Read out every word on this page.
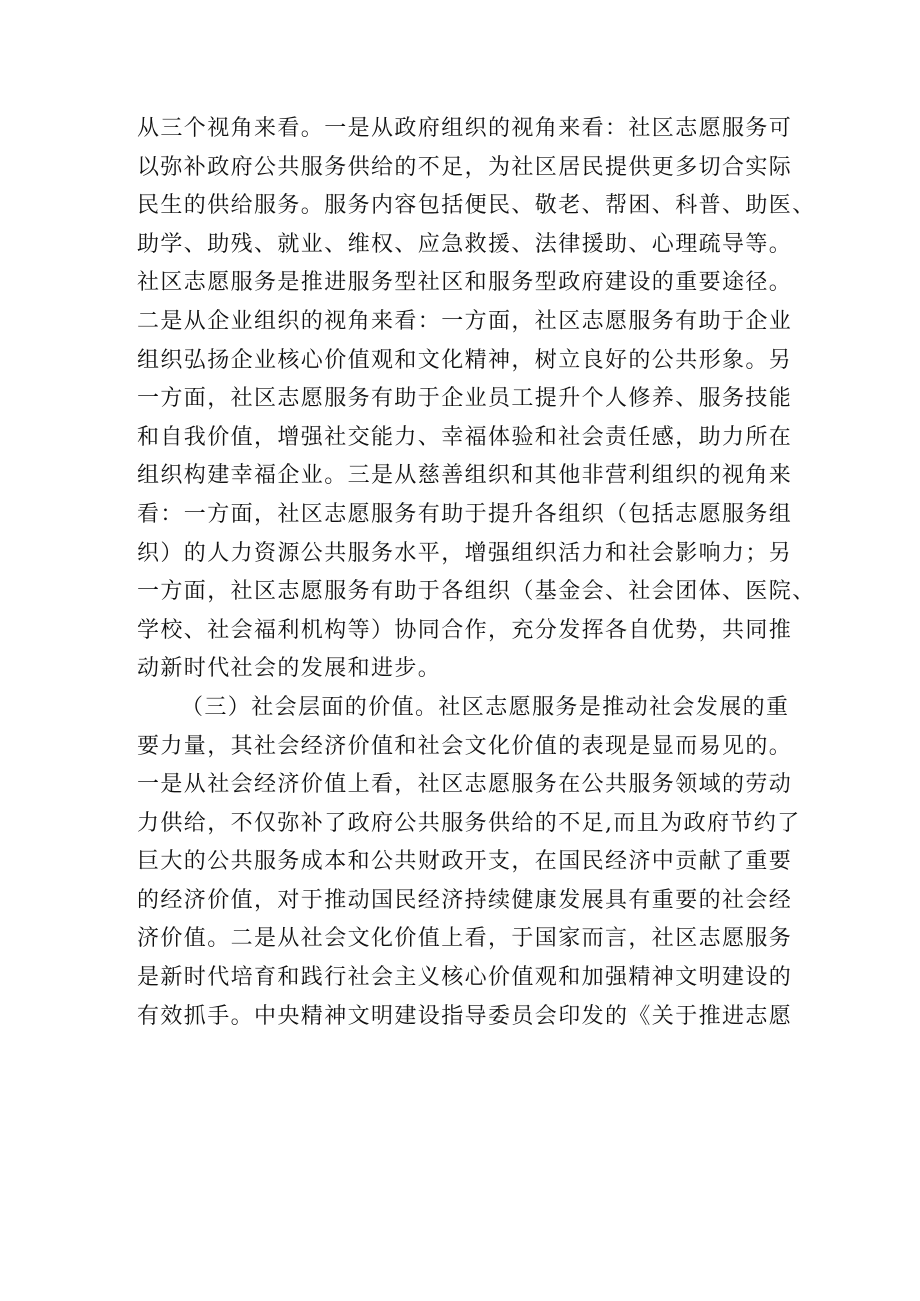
从三个视角来看。一是从政府组织的视角来看：社区志愿服务可
以弥补政府公共服务供给的不足，为社区居民提供更多切合实际
民生的供给服务。服务内容包括便民、敬老、帮困、科普、助医、
助学、助残、就业、维权、应急救援、法律援助、心理疏导等。
社区志愿服务是推进服务型社区和服务型政府建设的重要途径。
二是从企业组织的视角来看：一方面，社区志愿服务有助于企业
组织弘扬企业核心价值观和文化精神，树立良好的公共形象。另
一方面，社区志愿服务有助于企业员工提升个人修养、服务技能
和自我价值，增强社交能力、幸福体验和社会责任感，助力所在
组织构建幸福企业。三是从慈善组织和其他非营利组织的视角来
看：一方面，社区志愿服务有助于提升各组织（包括志愿服务组
织）的人力资源公共服务水平，增强组织活力和社会影响力；另
一方面，社区志愿服务有助于各组织（基金会、社会团体、医院、
学校、社会福利机构等）协同合作，充分发挥各自优势，共同推
动新时代社会的发展和进步。
（三）社会层面的价值。社区志愿服务是推动社会发展的重
要力量，其社会经济价值和社会文化价值的表现是显而易见的。
一是从社会经济价值上看，社区志愿服务在公共服务领域的劳动
力供给，不仅弥补了政府公共服务供给的不足,而且为政府节约了
巨大的公共服务成本和公共财政开支，在国民经济中贡献了重要
的经济价值，对于推动国民经济持续健康发展具有重要的社会经
济价值。二是从社会文化价值上看，于国家而言，社区志愿服务
是新时代培育和践行社会主义核心价值观和加强精神文明建设的
有效抓手。中央精神文明建设指导委员会印发的《关于推进志愿
